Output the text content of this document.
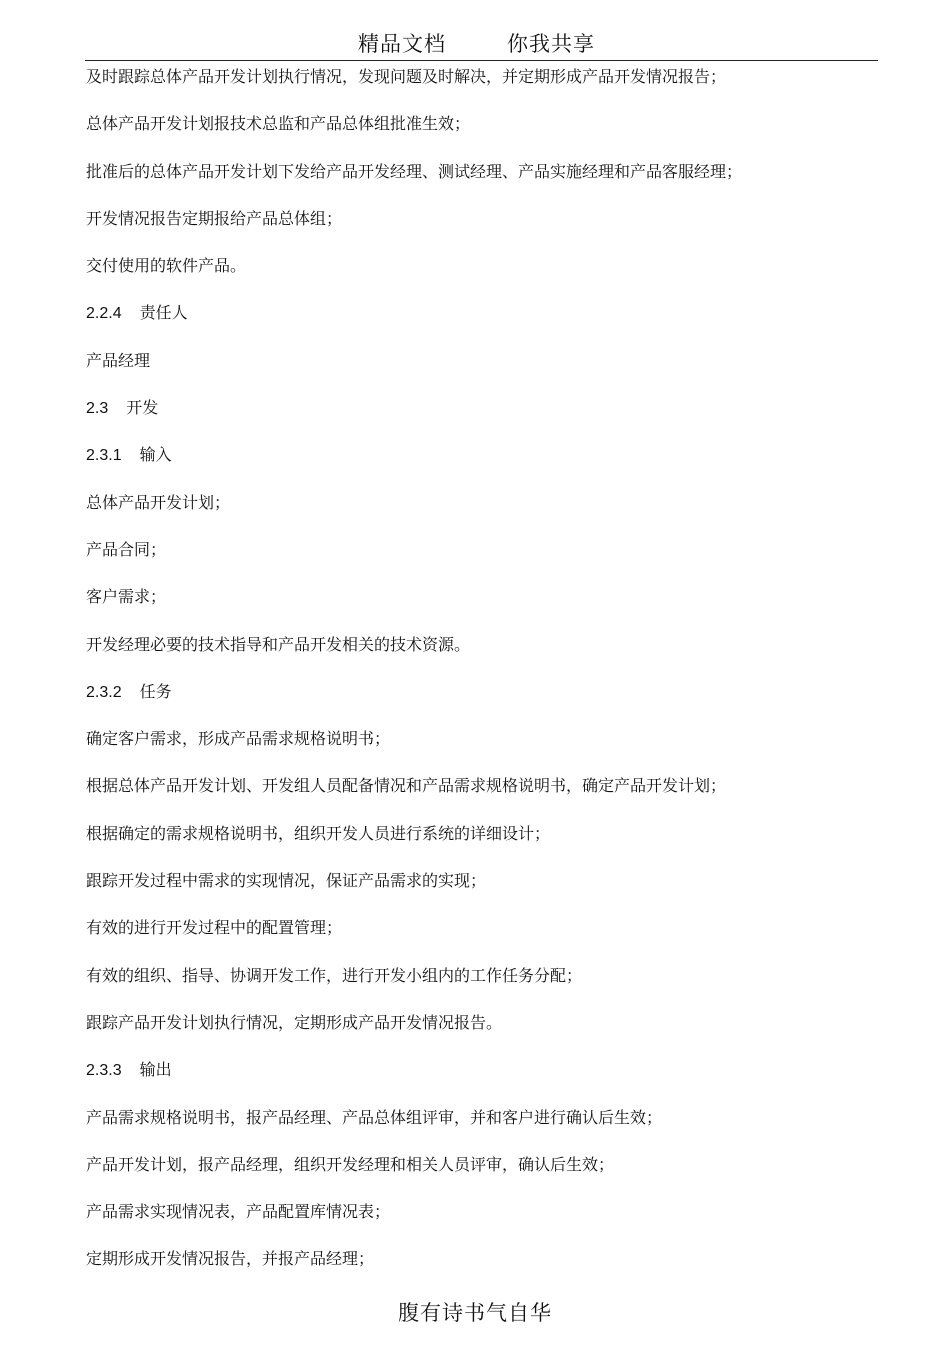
精品文档	你我共享
及时跟踪总体产品开发计划执行情况，发现问题及时解决，并定期形成产品开发情况报告；
总体产品开发计划报技术总监和产品总体组批准生效；
批准后的总体产品开发计划下发给产品开发经理、测试经理、产品实施经理和产品客服经理；
开发情况报告定期报给产品总体组；
交付使用的软件产品。
2.2.4 责任人
产品经理
2.3 开发
2.3.1 输入
总体产品开发计划；
产品合同；
客户需求；
开发经理必要的技术指导和产品开发相关的技术资源。
2.3.2 任务
确定客户需求，形成产品需求规格说明书；
根据总体产品开发计划、开发组人员配备情况和产品需求规格说明书，确定产品开发计划；
根据确定的需求规格说明书，组织开发人员进行系统的详细设计；
跟踪开发过程中需求的实现情况，保证产品需求的实现；
有效的进行开发过程中的配置管理；
有效的组织、指导、协调开发工作，进行开发小组内的工作任务分配；
跟踪产品开发计划执行情况，定期形成产品开发情况报告。
2.3.3 输出
产品需求规格说明书，报产品经理、产品总体组评审，并和客户进行确认后生效；
产品开发计划，报产品经理，组织开发经理和相关人员评审，确认后生效；
产品需求实现情况表，产品配置库情况表；
定期形成开发情况报告，并报产品经理；
腹有诗书气自华
